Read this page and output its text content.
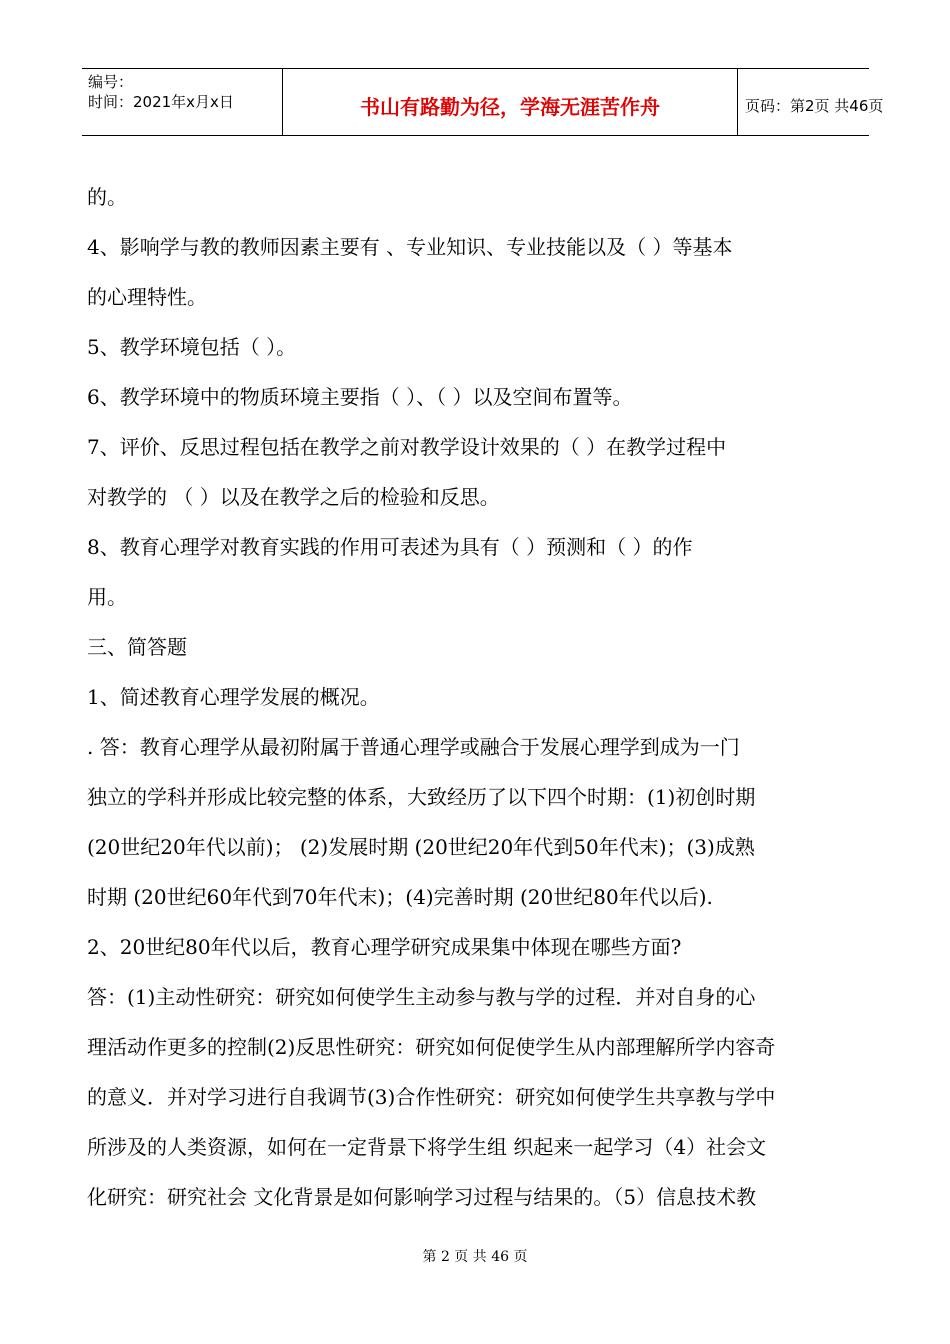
编号：
时间：2021年x月x日	书山有路勤为径，学海无涯苦作舟	页码：第2页 共46页
的。
4、影响学与教的教师因素主要有 、专业知识、专业技能以及（ ）等基本
的心理特性。
5、教学环境包括（ ）。
6、教学环境中的物质环境主要指（ ）、（ ）以及空间布置等。
7、评价、反思过程包括在教学之前对教学设计效果的（ ）在教学过程中
对教学的 （ ）以及在教学之后的检验和反思。
8、教育心理学对教育实践的作用可表述为具有（ ）预测和（ ）的作
用。
三、简答题
1、简述教育心理学发展的概况。
. 答：教育心理学从最初附属于普通心理学或融合于发展心理学到成为一门
独立的学科并形成比较完整的体系，大致经历了以下四个时期：(1)初创时期
(20世纪20年代以前)； (2)发展时期 (20世纪20年代到50年代末)；(3)成熟
时期 (20世纪60年代到70年代末)；(4)完善时期 (20世纪80年代以后).
2、20世纪80年代以后，教育心理学研究成果集中体现在哪些方面?
答：(1)主动性研究：研究如何使学生主动参与教与学的过程．并对自身的心
理活动作更多的控制(2)反思性研究：研究如何促使学生从内部理解所学内容奇
的意义．并对学习进行自我调节(3)合作性研究：研究如何使学生共享教与学中
所涉及的人类资源，如何在一定背景下将学生组 织起来一起学习（4）社会文
化研究：研究社会 文化背景是如何影响学习过程与结果的。（5）信息技术教
第 2 页 共 46 页
